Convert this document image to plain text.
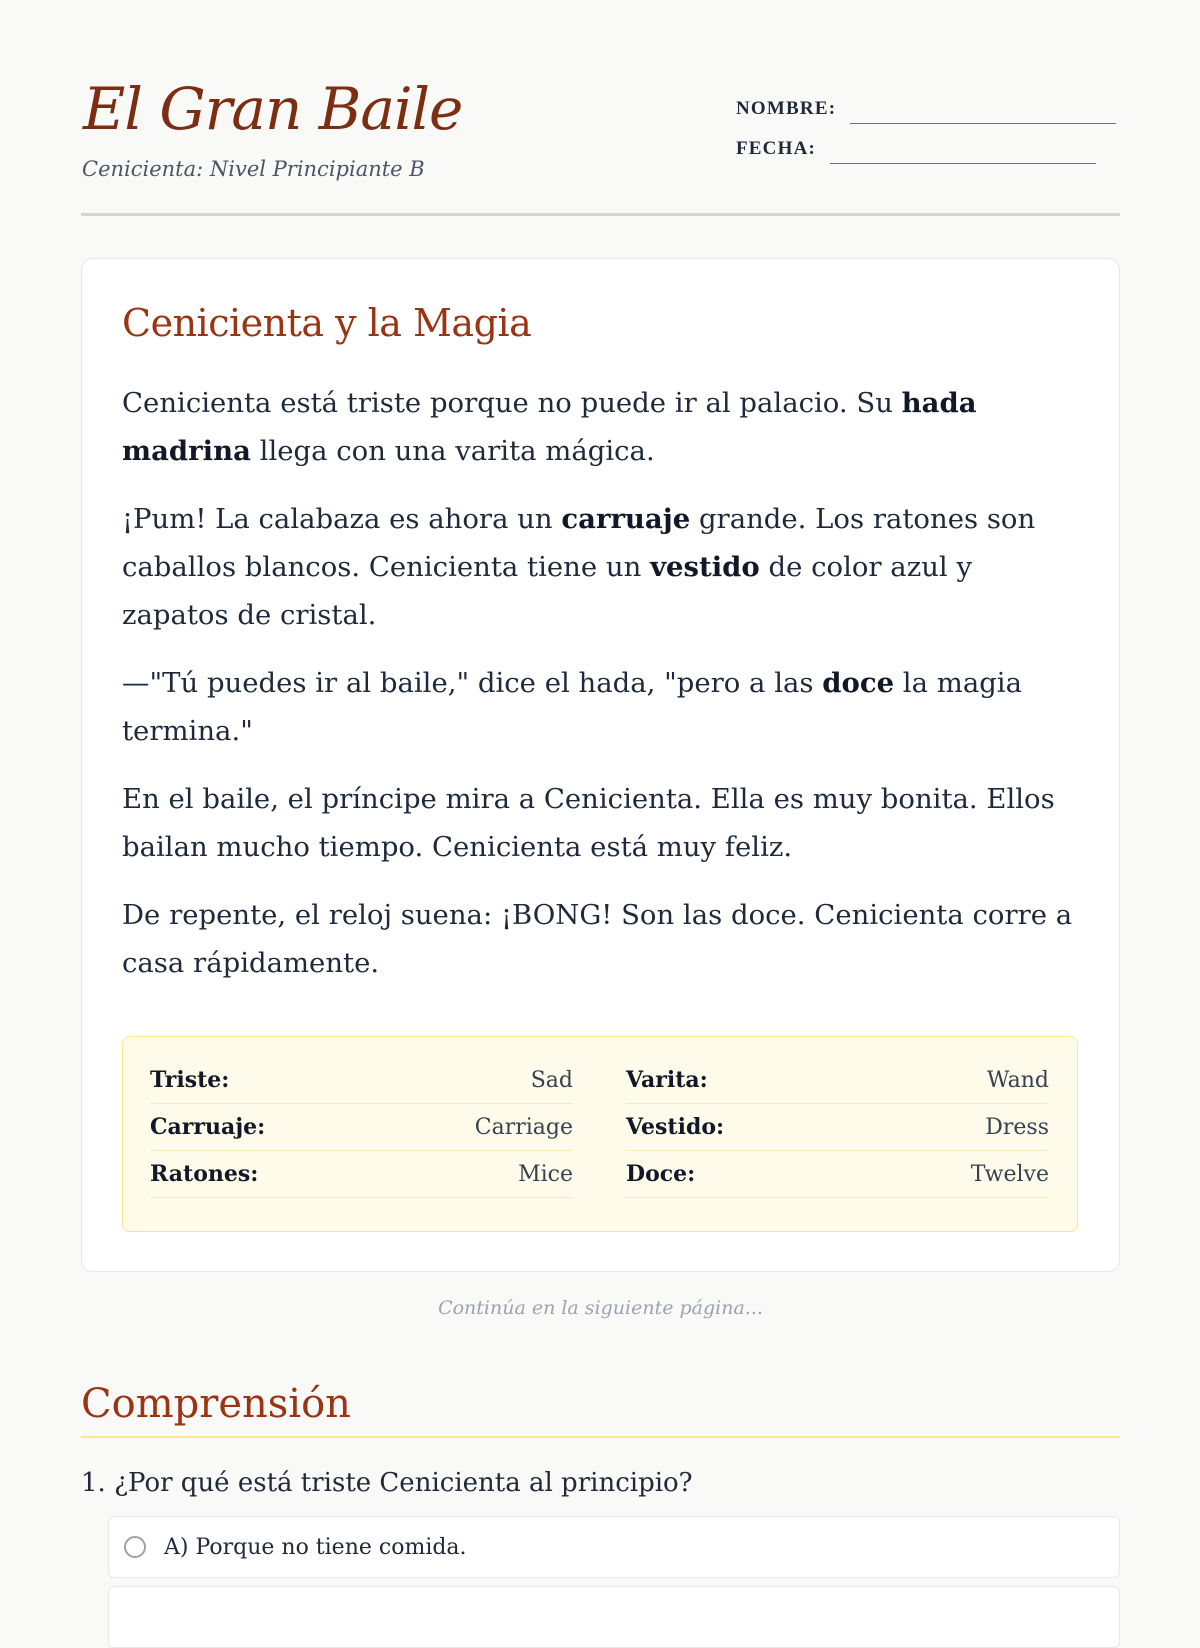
El Gran Baile
Cenicienta: Nivel Principiante B
NOMBRE:
FECHA:
Cenicienta y la Magia

Cenicienta está triste porque no puede ir al palacio. Su hada madrina llega con una varita mágica.

¡Pum! La calabaza es ahora un carruaje grande. Los ratones son caballos blancos. Cenicienta tiene un vestido de color azul y zapatos de cristal.

—"Tú puedes ir al baile," dice el hada, "pero a las doce la magia termina."

En el baile, el príncipe mira a Cenicienta. Ella es muy bonita. Ellos bailan mucho tiempo. Cenicienta está muy feliz.

De repente, el reloj suena: ¡BONG! Son las doce. Cenicienta corre a casa rápidamente.

Triste:	Sad
Carruaje:	Carriage
Ratones:	Mice
Varita:	Wand
Vestido:	Dress
Doce:	Twelve
Continúa en la siguiente página...
Comprensión
1. ¿Por qué está triste Cenicienta al principio?
A) Porque no tiene comida.
